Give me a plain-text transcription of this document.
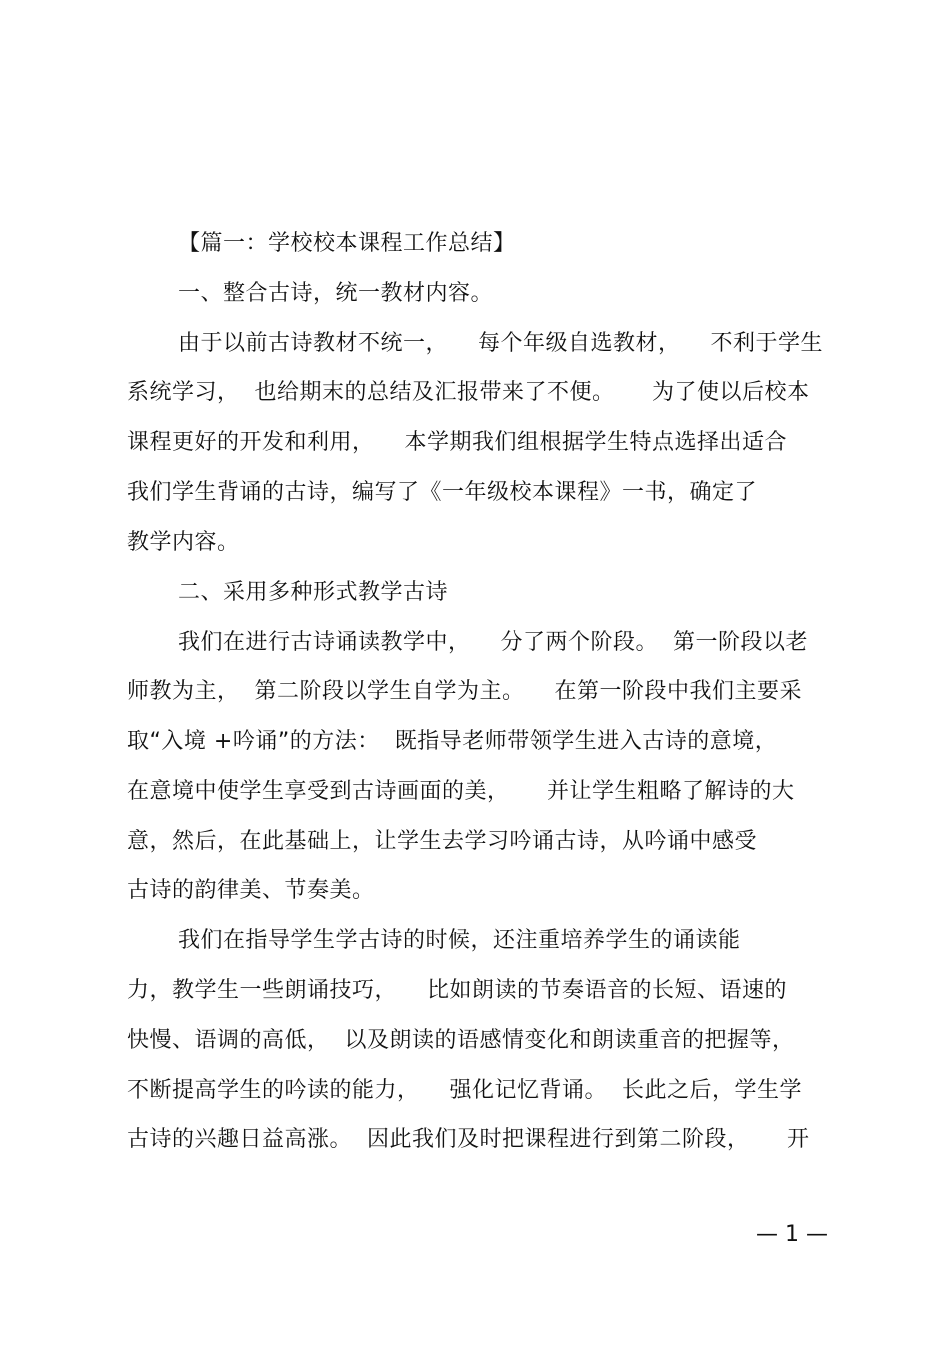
【篇一：学校校本课程工作总结】
一、整合古诗，统一教材内容。
由于以前古诗教材不统一，    每个年级自选教材，    不利于学生
系统学习，  也给期末的总结及汇报带来了不便。     为了使以后校本
课程更好的开发和利用，    本学期我们组根据学生特点选择出适合
我们学生背诵的古诗，编写了《一年级校本课程》一书，确定了
教学内容。
二、采用多种形式教学古诗
我们在进行古诗诵读教学中，    分了两个阶段。  第一阶段以老
师教为主，  第二阶段以学生自学为主。    在第一阶段中我们主要采
取“入境 +吟诵”的方法：  既指导老师带领学生进入古诗的意境，
在意境中使学生享受到古诗画面的美，     并让学生粗略了解诗的大
意，然后，在此基础上，让学生去学习吟诵古诗，从吟诵中感受
古诗的韵律美、节奏美。
我们在指导学生学古诗的时候，还注重培养学生的诵读能
力，教学生一些朗诵技巧，    比如朗读的节奏语音的长短、语速的
快慢、语调的高低，  以及朗读的语感情变化和朗读重音的把握等，
不断提高学生的吟读的能力，    强化记忆背诵。  长此之后，学生学
古诗的兴趣日益高涨。  因此我们及时把课程进行到第二阶段，     开
— 1 —
